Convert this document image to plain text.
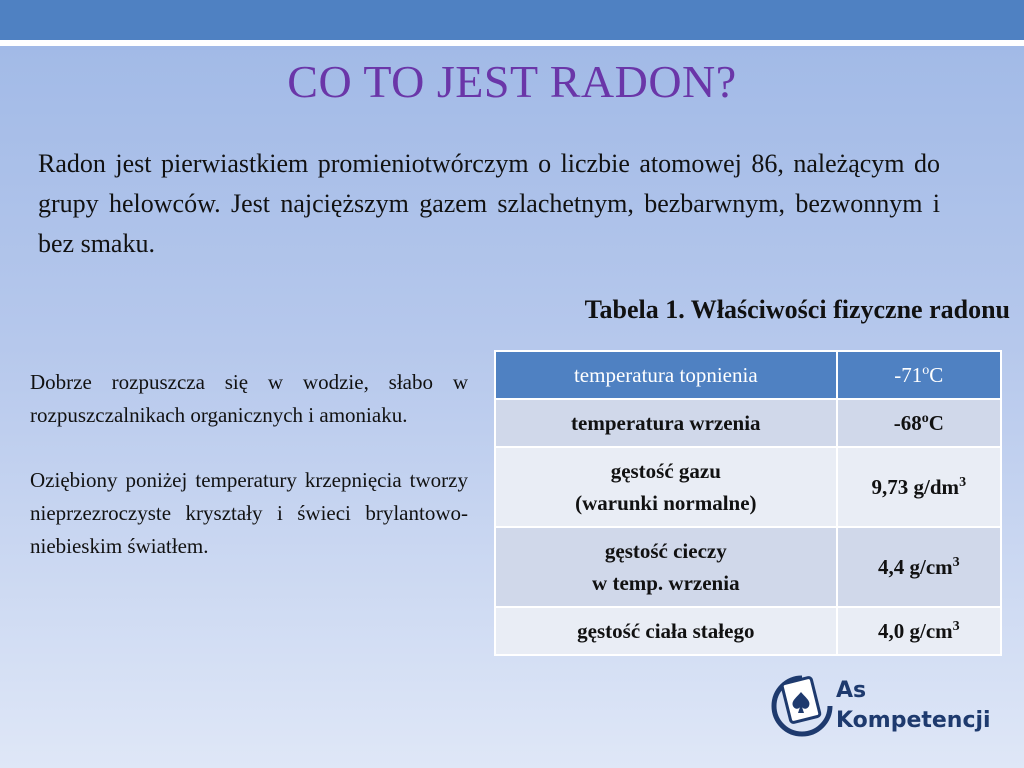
CO TO JEST RADON?
Radon jest pierwiastkiem promieniotwórczym o liczbie atomowej 86, należącym do grupy helowców. Jest najcięższym gazem szlachetnym, bezbarwnym, bezwonnym i bez smaku.
Tabela 1. Właściwości fizyczne radonu

Dobrze rozpuszcza się w wodzie, słabo w rozpuszczalnikach organicznych i amoniaku.

Oziębiony poniżej temperatury krzepnięcia tworzy nieprzezroczyste kryształy i świeci brylantowo-niebieskim światłem.

temperatura topnienia	-71$^o$C
temperatura wrzenia	-68$^o$C
gęstość gazu
(warunki normalne)	9,73 $g/dm^3$
gęstość cieczy
w temp. wrzenia	4,4 $g/cm^3$
gęstość ciała stałego	4,0 $g/cm^3$
As
Kompetencji
